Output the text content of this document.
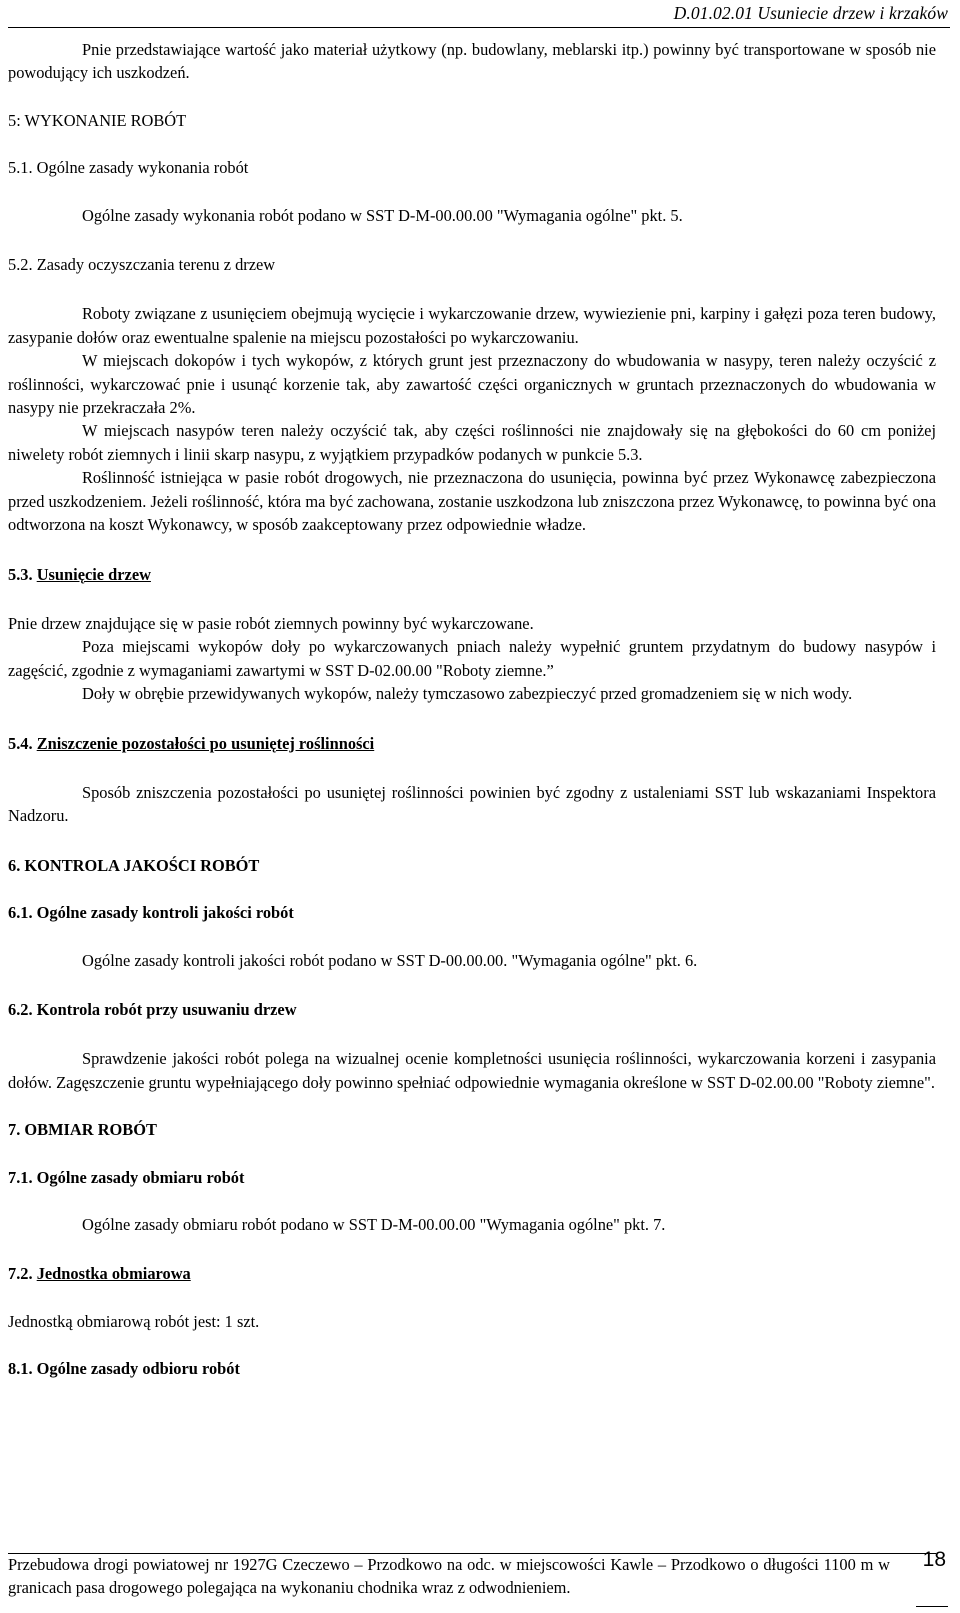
D.01.02.01 Usuniecie drzew i krzaków

Pnie przedstawiające wartość jako materiał użytkowy (np. budowlany, meblarski itp.) powinny być transportowane w sposób nie powodujący ich uszkodzeń.

5: WYKONANIE ROBÓT

5.1. Ogólne zasady wykonania robót

Ogólne zasady wykonania robót podano w SST D-M-00.00.00 "Wymagania ogólne" pkt. 5.

5.2. Zasady oczyszczania terenu z drzew

Roboty związane z usunięciem obejmują wycięcie i wykarczowanie drzew, wywiezienie pni, karpiny i gałęzi poza teren budowy, zasypanie dołów oraz ewentualne spalenie na miejscu pozostałości po wykarczowaniu.

W miejscach dokopów i tych wykopów, z których grunt jest przeznaczony do wbudowania w nasypy, teren należy oczyścić z roślinności, wykarczować pnie i usunąć korzenie tak, aby zawartość części organicznych w gruntach przeznaczonych do wbudowania w nasypy nie przekraczała 2%.

W miejscach nasypów teren należy oczyścić tak, aby części roślinności nie znajdowały się na głębokości do 60 cm poniżej niwelety robót ziemnych i linii skarp nasypu, z wyjątkiem przypadków podanych w punkcie 5.3.

Roślinność istniejąca w pasie robót drogowych, nie przeznaczona do usunięcia, powinna być przez Wykonawcę zabezpieczona przed uszkodzeniem. Jeżeli roślinność, która ma być zachowana, zostanie uszkodzona lub zniszczona przez Wykonawcę, to powinna być ona odtworzona na koszt Wykonawcy, w sposób zaakceptowany przez odpowiednie władze.

5.3. Usunięcie drzew

Pnie drzew znajdujące się w pasie robót ziemnych powinny być wykarczowane.

Poza miejscami wykopów doły po wykarczowanych pniach należy wypełnić gruntem przydatnym do budowy nasypów i zagęścić, zgodnie z wymaganiami zawartymi w SST D-02.00.00 "Roboty ziemne.”

Doły w obrębie przewidywanych wykopów, należy tymczasowo zabezpieczyć przed gromadzeniem się w nich wody.

5.4. Zniszczenie pozostałości po usuniętej roślinności

Sposób zniszczenia pozostałości po usuniętej roślinności powinien być zgodny z ustaleniami SST lub wskazaniami Inspektora Nadzoru.

6. KONTROLA JAKOŚCI ROBÓT

6.1. Ogólne zasady kontroli jakości robót

Ogólne zasady kontroli jakości robót podano w SST D-00.00.00. "Wymagania ogólne" pkt. 6.

6.2. Kontrola robót przy usuwaniu drzew

Sprawdzenie jakości robót polega na wizualnej ocenie kompletności usunięcia roślinności, wykarczowania korzeni i zasypania dołów. Zagęszczenie gruntu wypełniającego doły powinno spełniać odpowiednie wymagania określone w SST D-02.00.00 "Roboty ziemne".

7. OBMIAR ROBÓT

7.1. Ogólne zasady obmiaru robót

Ogólne zasady obmiaru robót podano w SST D-M-00.00.00 "Wymagania ogólne" pkt. 7.

7.2. Jednostka obmiarowa

Jednostką obmiarową robót jest: 1 szt.

8.1. Ogólne zasady odbioru robót

Przebudowa drogi powiatowej nr 1927G Czeczewo – Przodkowo na odc. w miejscowości Kawle – Przodkowo o długości 1100 m w granicach pasa drogowego polegająca na wykonaniu chodnika wraz z odwodnieniem.
18
